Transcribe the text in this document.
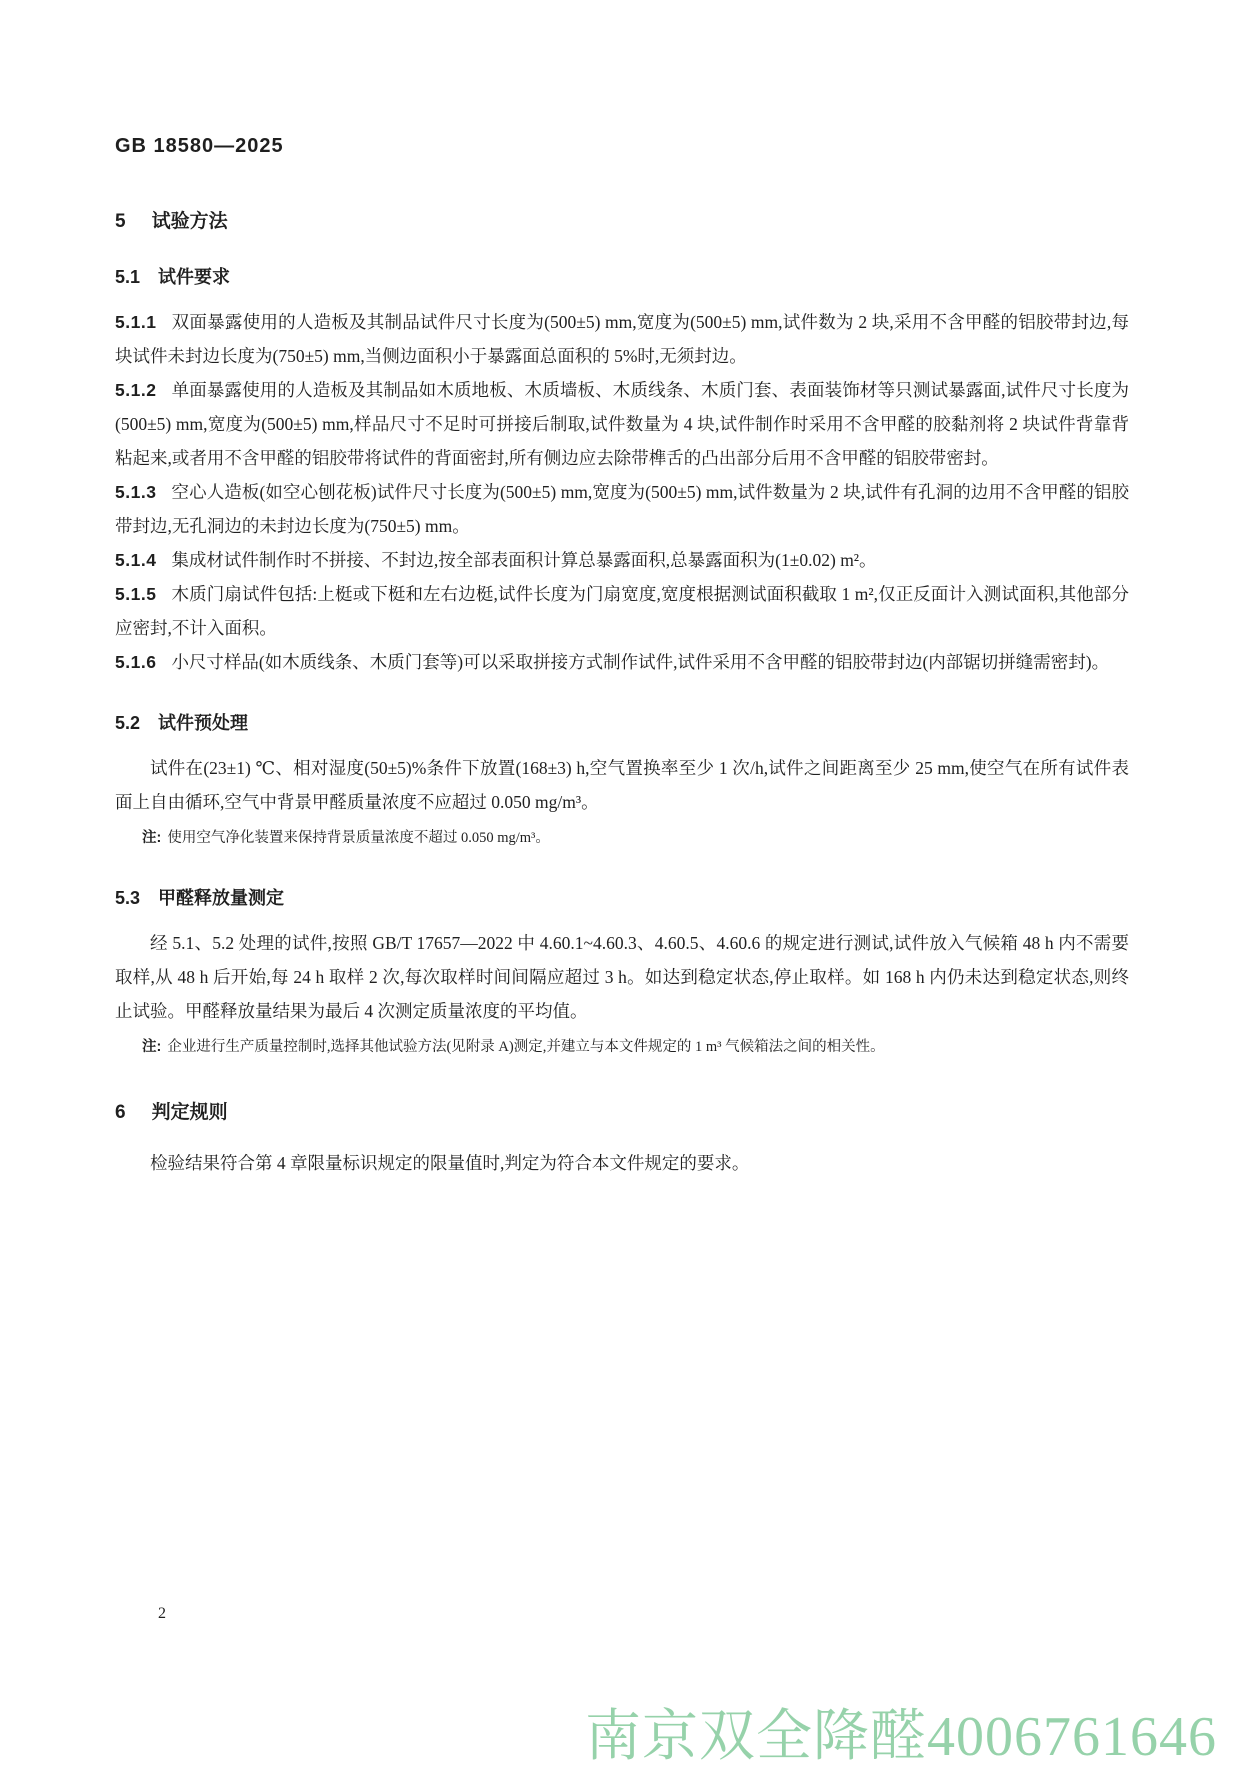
GB 18580—2025
5 试验方法
5.1 试件要求

5.1.1 双面暴露使用的人造板及其制品试件尺寸长度为(500±5) mm,宽度为(500±5) mm,试件数为 2 块,采用不含甲醛的铝胶带封边,每块试件未封边长度为(750±5) mm,当侧边面积小于暴露面总面积的 5%时,无须封边。

5.1.2 单面暴露使用的人造板及其制品如木质地板、木质墙板、木质线条、木质门套、表面装饰材等只测试暴露面,试件尺寸长度为(500±5) mm,宽度为(500±5) mm,样品尺寸不足时可拼接后制取,试件数量为 4 块,试件制作时采用不含甲醛的胶黏剂将 2 块试件背靠背粘起来,或者用不含甲醛的铝胶带将试件的背面密封,所有侧边应去除带榫舌的凸出部分后用不含甲醛的铝胶带密封。

5.1.3 空心人造板(如空心刨花板)试件尺寸长度为(500±5) mm,宽度为(500±5) mm,试件数量为 2 块,试件有孔洞的边用不含甲醛的铝胶带封边,无孔洞边的未封边长度为(750±5) mm。

5.1.4 集成材试件制作时不拼接、不封边,按全部表面积计算总暴露面积,总暴露面积为(1±0.02) m²。

5.1.5 木质门扇试件包括:上梃或下梃和左右边梃,试件长度为门扇宽度,宽度根据测试面积截取 1 m²,仅正反面计入测试面积,其他部分应密封,不计入面积。

5.1.6 小尺寸样品(如木质线条、木质门套等)可以采取拼接方式制作试件,试件采用不含甲醛的铝胶带封边(内部锯切拼缝需密封)。

5.2 试件预处理

试件在(23±1) ℃、相对湿度(50±5)%条件下放置(168±3) h,空气置换率至少 1 次/h,试件之间距离至少 25 mm,使空气在所有试件表面上自由循环,空气中背景甲醛质量浓度不应超过 0.050 mg/m³。

注: 使用空气净化装置来保持背景质量浓度不超过 0.050 mg/m³。
5.3 甲醛释放量测定

经 5.1、5.2 处理的试件,按照 GB/T 17657—2022 中 4.60.1~4.60.3、4.60.5、4.60.6 的规定进行测试,试件放入气候箱 48 h 内不需要取样,从 48 h 后开始,每 24 h 取样 2 次,每次取样时间间隔应超过 3 h。如达到稳定状态,停止取样。如 168 h 内仍未达到稳定状态,则终止试验。甲醛释放量结果为最后 4 次测定质量浓度的平均值。

注: 企业进行生产质量控制时,选择其他试验方法(见附录 A)测定,并建立与本文件规定的 1 m³ 气候箱法之间的相关性。
6 判定规则

检验结果符合第 4 章限量标识规定的限量值时,判定为符合本文件规定的要求。

2
南京双全降醛4006761646
